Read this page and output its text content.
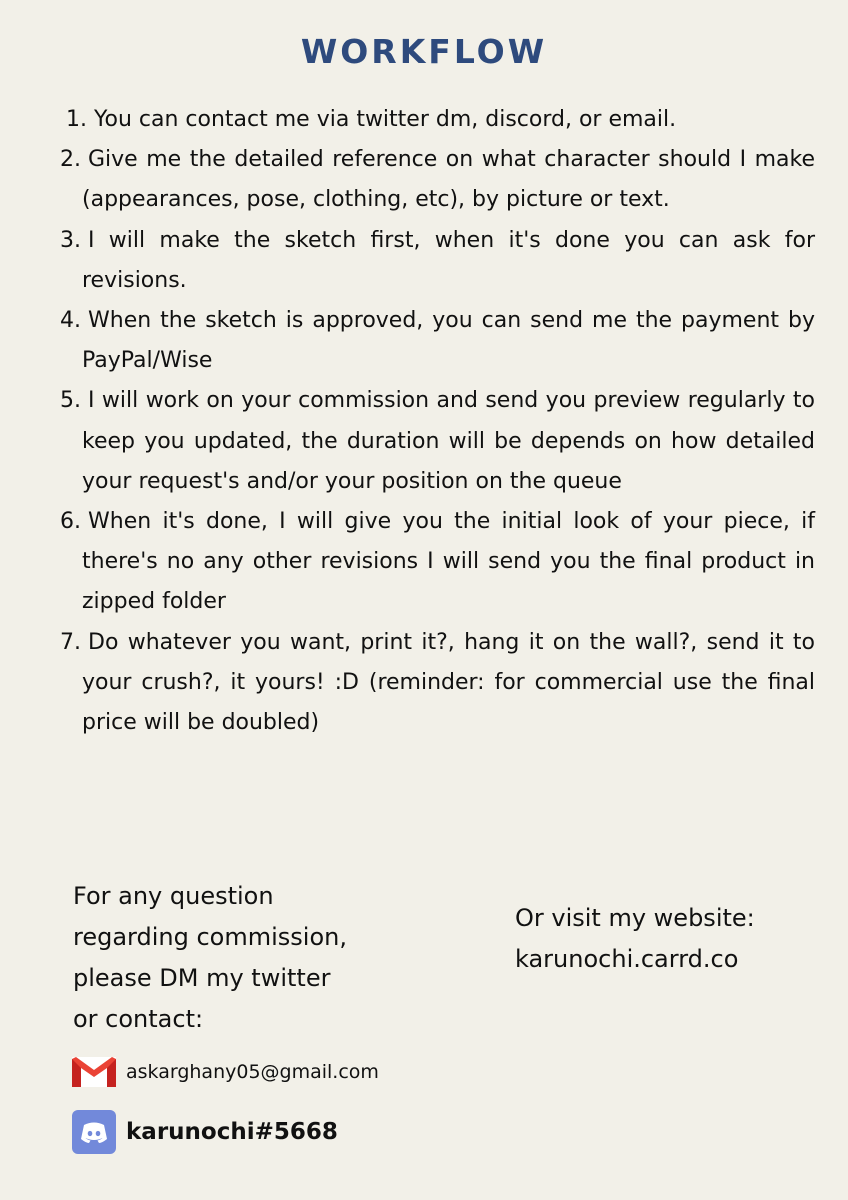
WORKFLOW
1. You can contact me via twitter dm, discord, or email.
2. Give me the detailed reference on what character should I make (appearances, pose, clothing, etc), by picture or text.
3. I will make the sketch first, when it's done you can ask for revisions.
4. When the sketch is approved, you can send me the payment by PayPal/Wise
5. I will work on your commission and send you preview regularly to keep you updated, the duration will be depends on how detailed your request's and/or your position on the queue
6. When it's done, I will give you the initial look of your piece, if there's no any other revisions I will send you the final product in zipped folder
7. Do whatever you want, print it?, hang it on the wall?, send it to your crush?, it yours! :D (reminder: for commercial use the final price will be doubled)
For any question
regarding commission,
please DM my twitter
or contact:
Or visit my website:
karunochi.carrd.co
askarghany05@gmail.com
karunochi#5668
